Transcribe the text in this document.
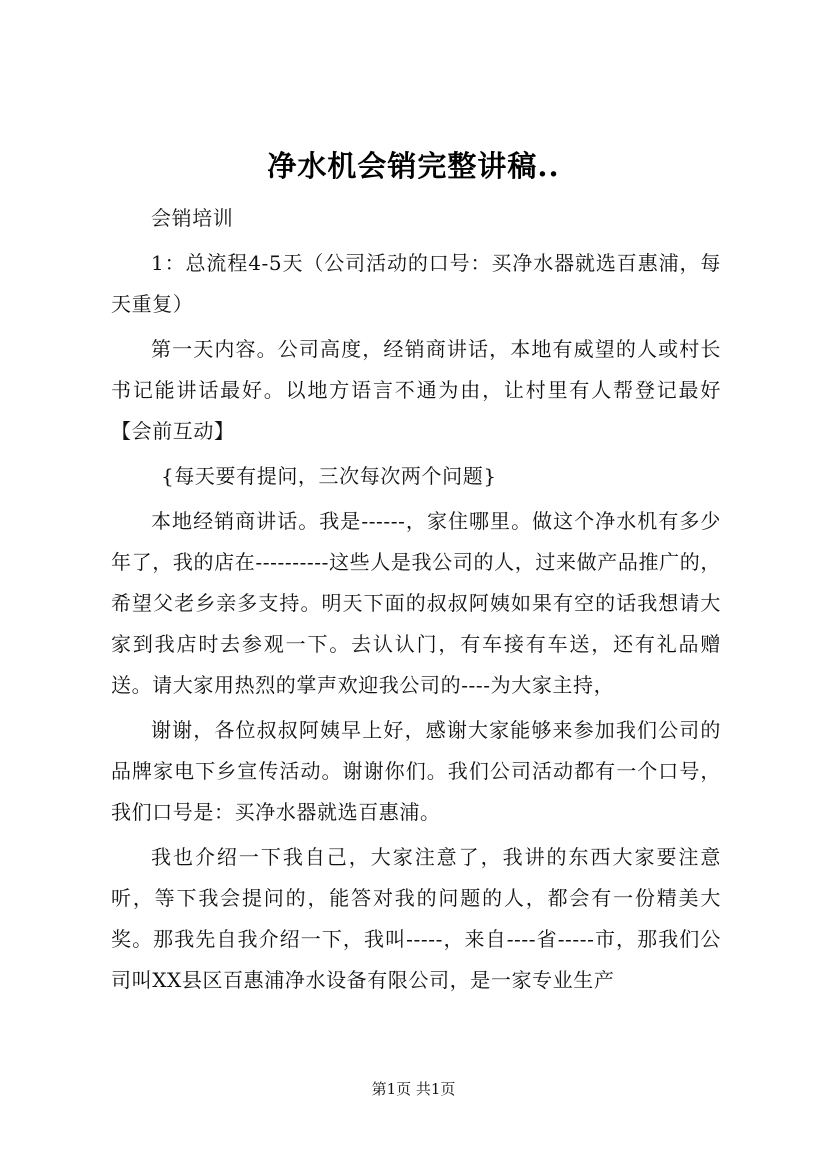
净水机会销完整讲稿..

会销培训

1：总流程4-5天（公司活动的口号：买净水器就选百惠浦，每天重复）

第一天内容。公司高度，经销商讲话，本地有威望的人或村长书记能讲话最好。以地方语言不通为由，让村里有人帮登记最好【会前互动】

{每天要有提问，三次每次两个问题}

本地经销商讲话。我是------，家住哪里。做这个净水机有多少年了，我的店在----------这些人是我公司的人，过来做产品推广的，希望父老乡亲多支持。明天下面的叔叔阿姨如果有空的话我想请大家到我店时去参观一下。去认认门，有车接有车送，还有礼品赠送。请大家用热烈的掌声欢迎我公司的----为大家主持，

谢谢，各位叔叔阿姨早上好，感谢大家能够来参加我们公司的品牌家电下乡宣传活动。谢谢你们。我们公司活动都有一个口号，我们口号是：买净水器就选百惠浦。

我也介绍一下我自己，大家注意了，我讲的东西大家要注意听，等下我会提问的，能答对我的问题的人，都会有一份精美大奖。那我先自我介绍一下，我叫-----，来自----省-----市，那我们公司叫XX县区百惠浦净水设备有限公司，是一家专业生产

第1页 共1页
